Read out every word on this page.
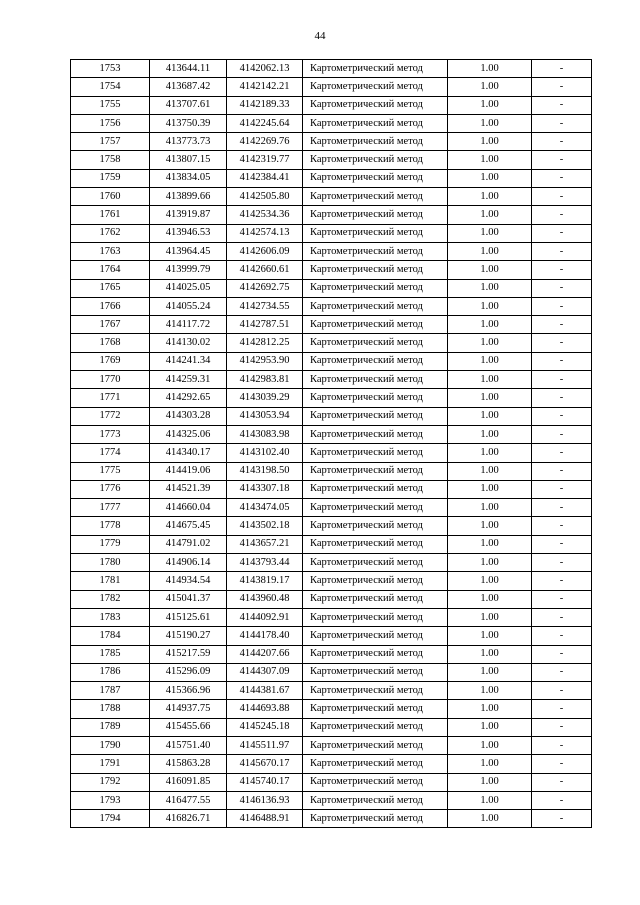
44
1753	413644.11	4142062.13	Картометрический метод	1.00	-
1754	413687.42	4142142.21	Картометрический метод	1.00	-
1755	413707.61	4142189.33	Картометрический метод	1.00	-
1756	413750.39	4142245.64	Картометрический метод	1.00	-
1757	413773.73	4142269.76	Картометрический метод	1.00	-
1758	413807.15	4142319.77	Картометрический метод	1.00	-
1759	413834.05	4142384.41	Картометрический метод	1.00	-
1760	413899.66	4142505.80	Картометрический метод	1.00	-
1761	413919.87	4142534.36	Картометрический метод	1.00	-
1762	413946.53	4142574.13	Картометрический метод	1.00	-
1763	413964.45	4142606.09	Картометрический метод	1.00	-
1764	413999.79	4142660.61	Картометрический метод	1.00	-
1765	414025.05	4142692.75	Картометрический метод	1.00	-
1766	414055.24	4142734.55	Картометрический метод	1.00	-
1767	414117.72	4142787.51	Картометрический метод	1.00	-
1768	414130.02	4142812.25	Картометрический метод	1.00	-
1769	414241.34	4142953.90	Картометрический метод	1.00	-
1770	414259.31	4142983.81	Картометрический метод	1.00	-
1771	414292.65	4143039.29	Картометрический метод	1.00	-
1772	414303.28	4143053.94	Картометрический метод	1.00	-
1773	414325.06	4143083.98	Картометрический метод	1.00	-
1774	414340.17	4143102.40	Картометрический метод	1.00	-
1775	414419.06	4143198.50	Картометрический метод	1.00	-
1776	414521.39	4143307.18	Картометрический метод	1.00	-
1777	414660.04	4143474.05	Картометрический метод	1.00	-
1778	414675.45	4143502.18	Картометрический метод	1.00	-
1779	414791.02	4143657.21	Картометрический метод	1.00	-
1780	414906.14	4143793.44	Картометрический метод	1.00	-
1781	414934.54	4143819.17	Картометрический метод	1.00	-
1782	415041.37	4143960.48	Картометрический метод	1.00	-
1783	415125.61	4144092.91	Картометрический метод	1.00	-
1784	415190.27	4144178.40	Картометрический метод	1.00	-
1785	415217.59	4144207.66	Картометрический метод	1.00	-
1786	415296.09	4144307.09	Картометрический метод	1.00	-
1787	415366.96	4144381.67	Картометрический метод	1.00	-
1788	414937.75	4144693.88	Картометрический метод	1.00	-
1789	415455.66	4145245.18	Картометрический метод	1.00	-
1790	415751.40	4145511.97	Картометрический метод	1.00	-
1791	415863.28	4145670.17	Картометрический метод	1.00	-
1792	416091.85	4145740.17	Картометрический метод	1.00	-
1793	416477.55	4146136.93	Картометрический метод	1.00	-
1794	416826.71	4146488.91	Картометрический метод	1.00	-
